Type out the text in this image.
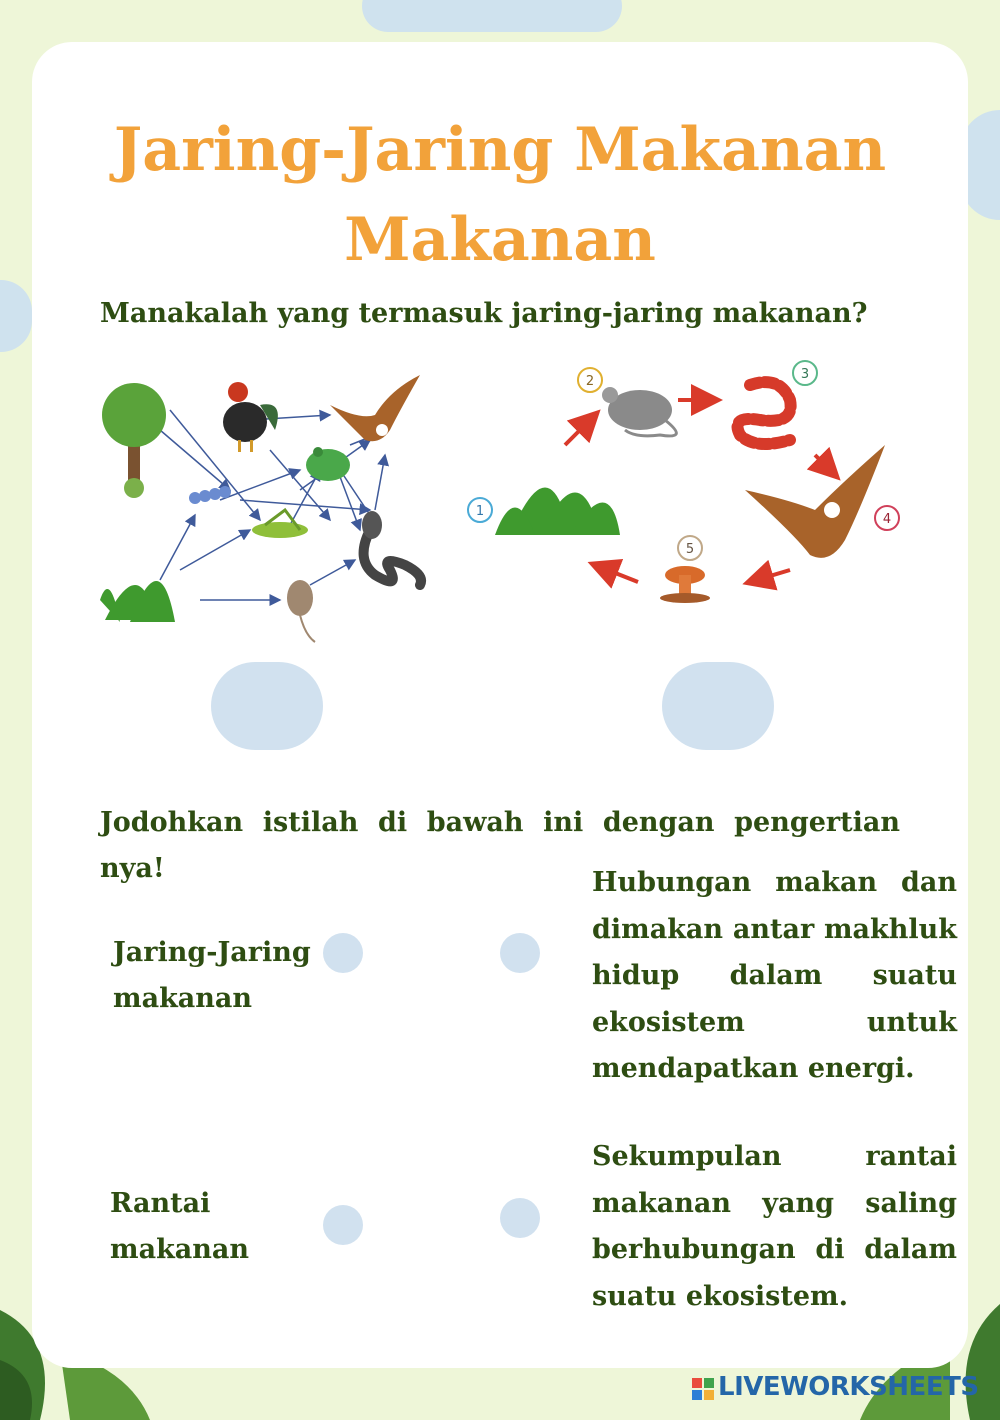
Jaring-Jaring Makanan
Makanan
Manakalah yang termasuk jaring-jaring makanan?
1
2	3
4
5
Jodohkan istilah di bawah ini dengan pengertian nya!
Jaring-Jaring makanan
Rantai makanan
Hubungan makan dan dimakan antar makhluk hidup dalam suatu ekosistem untuk mendapatkan energi.
Sekumpulan rantai makanan yang saling berhubungan di dalam suatu ekosistem.
LIVEWORKSHEETS
